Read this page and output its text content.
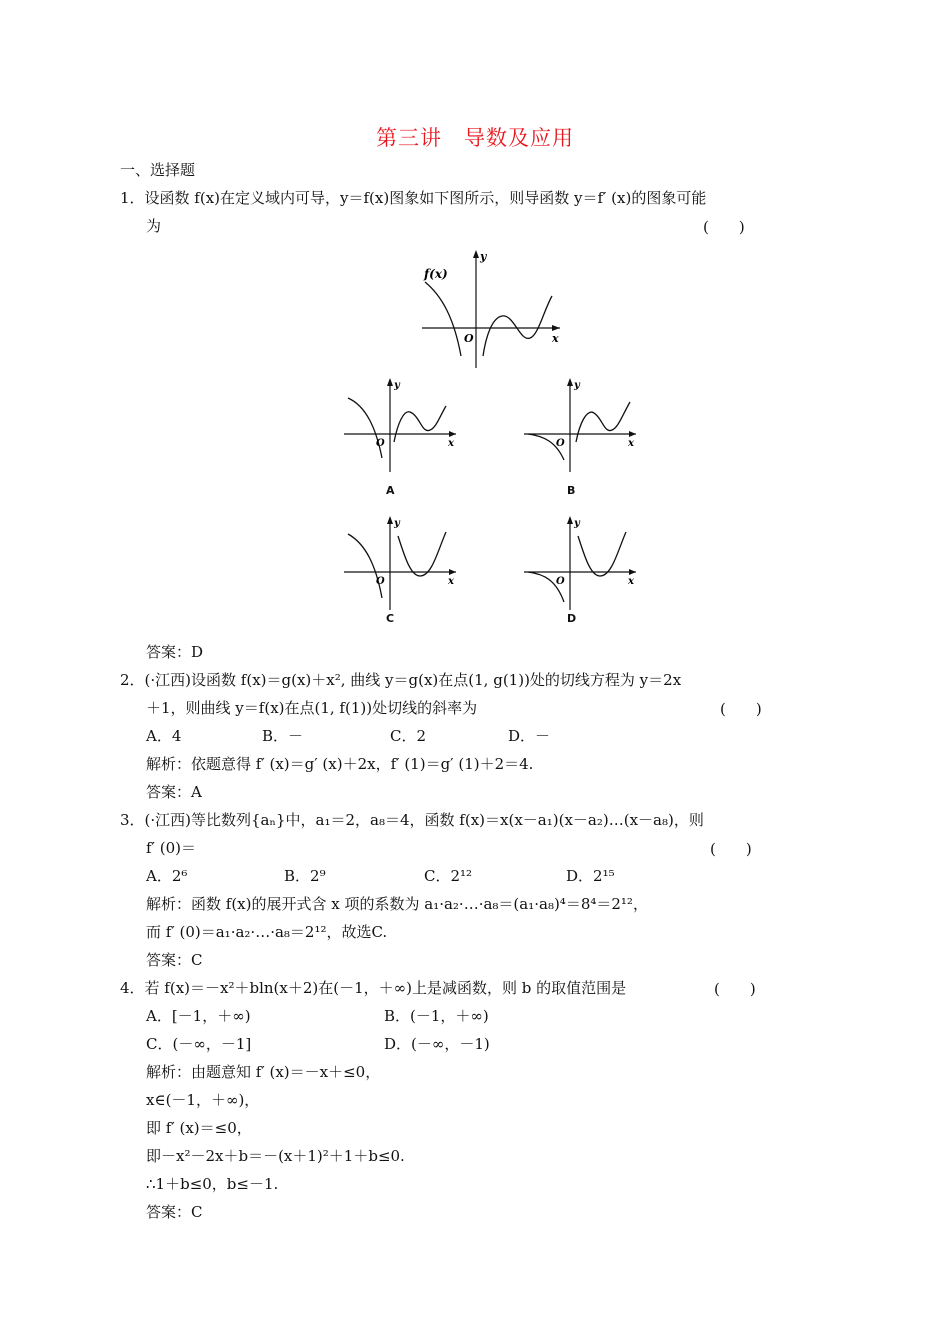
第三讲　导数及应用
一、选择题
1．设函数 f(x)在定义域内可导，y＝f(x)图象如下图所示，则导函数 y＝f′ (x)的图象可能
为	(　　)
f(x)
y
x
O
y
x
O
A
y
x
O
B
y
x
O
C
y
x
O
D
答案：D
2．(·江西)设函数 f(x)＝g(x)＋x², 曲线 y＝g(x)在点(1, g(1))处的切线方程为 y＝2x
＋1，则曲线 y＝f(x)在点(1, f(1))处切线的斜率为	(　　)
A．4	B．－	C．2	D．－
解析：依题意得 f′ (x)＝g′ (x)＋2x，f′ (1)＝g′ (1)＋2＝4.
答案：A
3．(·江西)等比数列{aₙ}中，a₁＝2，a₈＝4，函数 f(x)＝x(x－a₁)(x－a₂)…(x－a₈)，则
f′ (0)＝	(　　)
A．2⁶	B．2⁹	C．2¹²	D．2¹⁵
解析：函数 f(x)的展开式含 x 项的系数为 a₁·a₂·…·a₈＝(a₁·a₈)⁴＝8⁴＝2¹²，
而 f′ (0)＝a₁·a₂·…·a₈＝2¹²，故选C.
答案：C
4．若 f(x)＝－x²＋bln(x＋2)在(－1，＋∞)上是减函数，则 b 的取值范围是	(　　)
A．[－1，＋∞)	B．(－1，＋∞)
C．(－∞，－1]	D．(－∞，－1)
解析：由题意知 f′ (x)＝－x＋≤0，
x∈(－1，＋∞)，
即 f′ (x)＝≤0，
即－x²－2x＋b＝－(x＋1)²＋1＋b≤0.
∴1＋b≤0，b≤－1.
答案：C
